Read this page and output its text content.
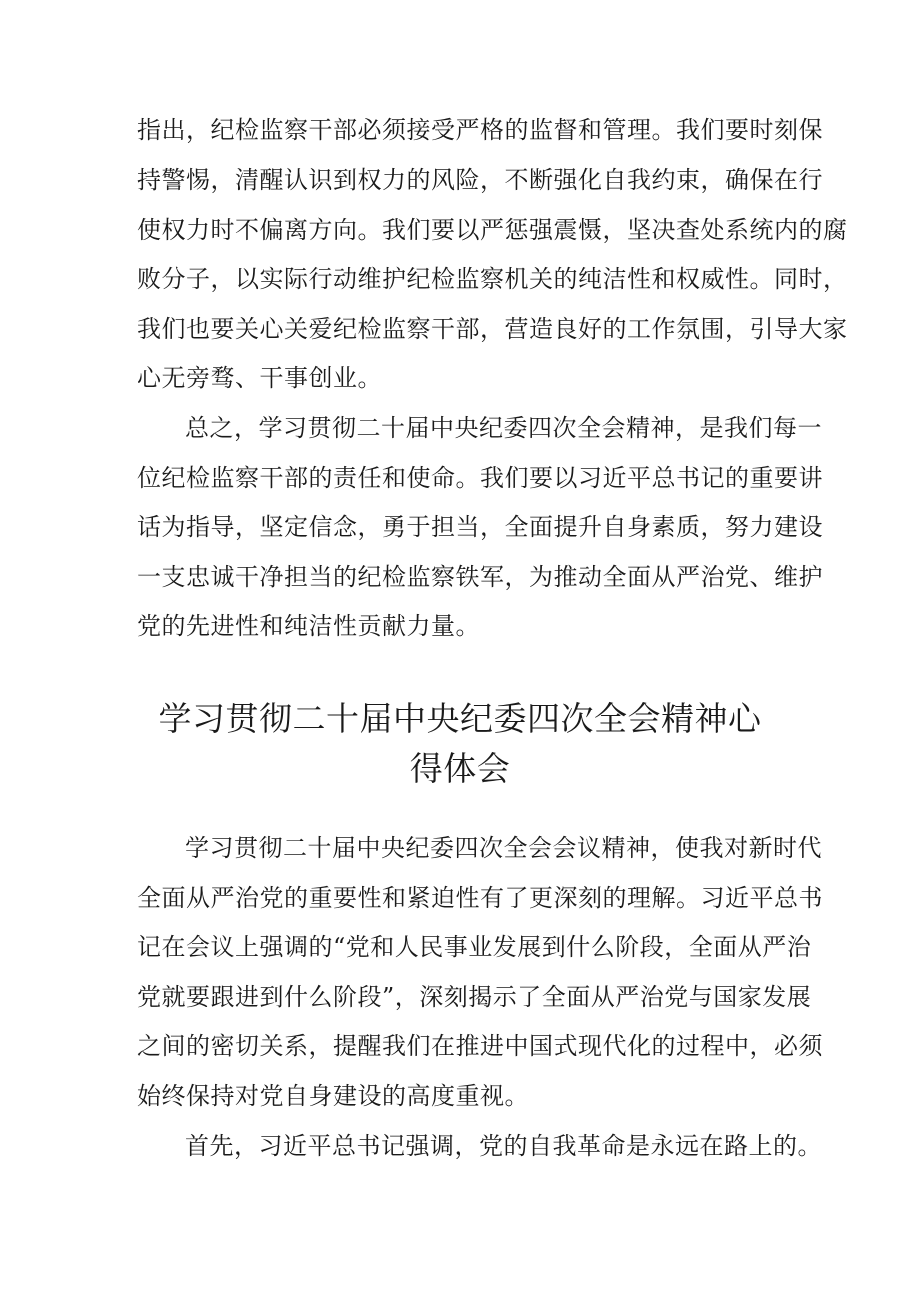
指出，纪检监察干部必须接受严格的监督和管理。我们要时刻保
持警惕，清醒认识到权力的风险，不断强化自我约束，确保在行
使权力时不偏离方向。我们要以严惩强震慑，坚决查处系统内的腐
败分子，以实际行动维护纪检监察机关的纯洁性和权威性。同时，
我们也要关心关爱纪检监察干部，营造良好的工作氛围，引导大家
心无旁骛、干事创业。
总之，学习贯彻二十届中央纪委四次全会精神，是我们每一
位纪检监察干部的责任和使命。我们要以习近平总书记的重要讲
话为指导，坚定信念，勇于担当，全面提升自身素质，努力建设
一支忠诚干净担当的纪检监察铁军，为推动全面从严治党、维护
党的先进性和纯洁性贡献力量。
学习贯彻二十届中央纪委四次全会精神心
得体会
学习贯彻二十届中央纪委四次全会会议精神，使我对新时代
全面从严治党的重要性和紧迫性有了更深刻的理解。习近平总书
记在会议上强调的“党和人民事业发展到什么阶段，全面从严治
党就要跟进到什么阶段”，深刻揭示了全面从严治党与国家发展
之间的密切关系，提醒我们在推进中国式现代化的过程中，必须
始终保持对党自身建设的高度重视。
首先，习近平总书记强调，党的自我革命是永远在路上的。
